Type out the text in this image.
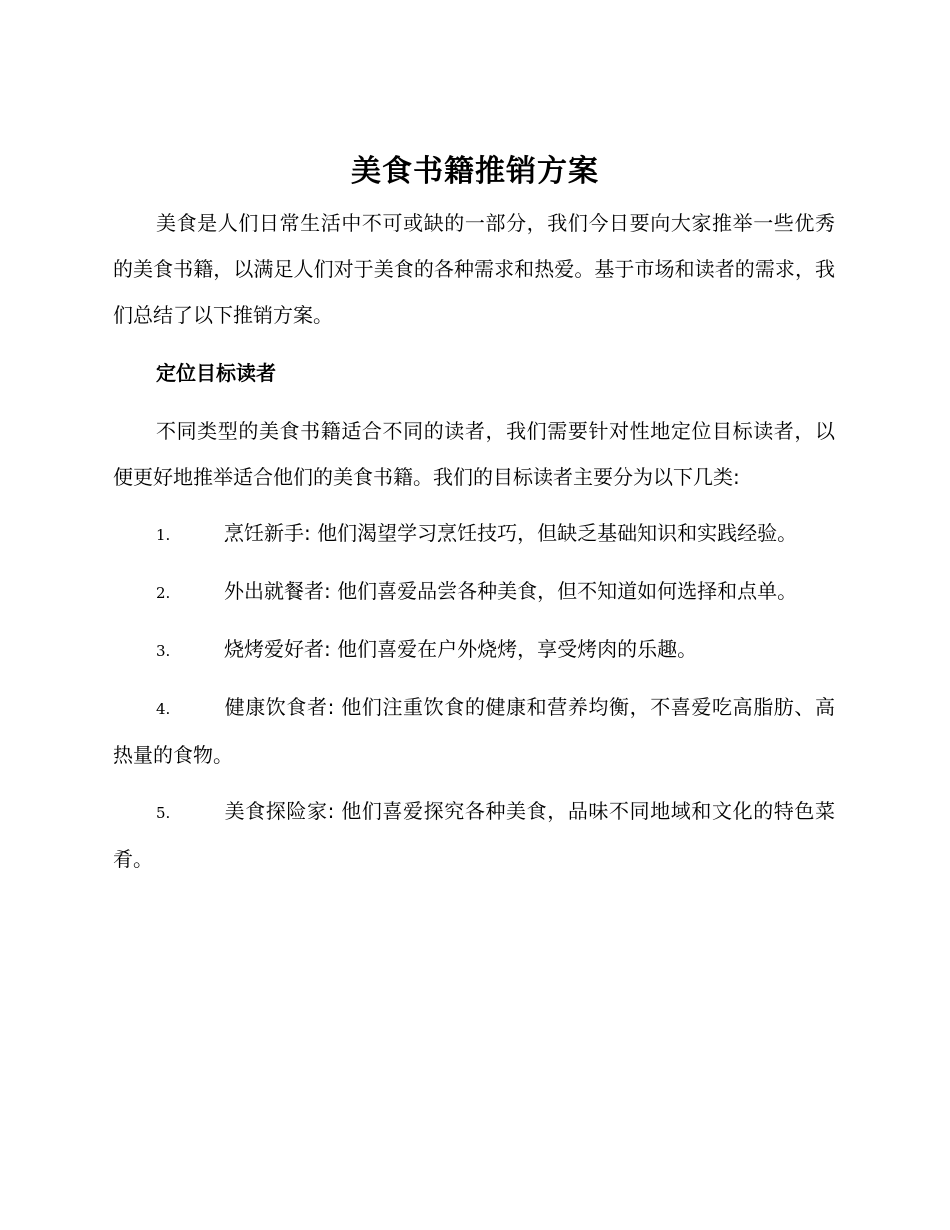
美食书籍推销方案

美食是人们日常生活中不可或缺的一部分，我们今日要向大家推举一些优秀的美食书籍，以满足人们对于美食的各种需求和热爱。基于市场和读者的需求，我们总结了以下推销方案。

定位目标读者

不同类型的美食书籍适合不同的读者，我们需要针对性地定位目标读者，以便更好地推举适合他们的美食书籍。我们的目标读者主要分为以下几类:

1.	烹饪新手: 他们渴望学习烹饪技巧，但缺乏基础知识和实践经验。

2.	外出就餐者: 他们喜爱品尝各种美食，但不知道如何选择和点单。

3.	烧烤爱好者: 他们喜爱在户外烧烤，享受烤肉的乐趣。

4.	健康饮食者: 他们注重饮食的健康和营养均衡，不喜爱吃高脂肪、高热量的食物。

5.	美食探险家: 他们喜爱探究各种美食，品味不同地域和文化的特色菜肴。
